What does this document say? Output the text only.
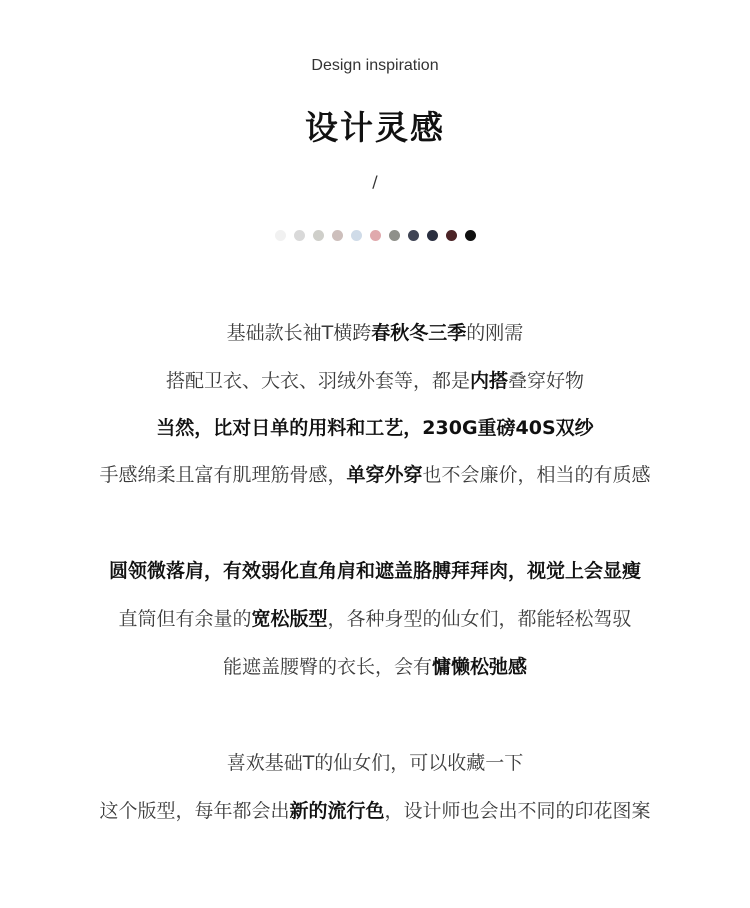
Design inspiration
设计灵感
/
基础款长袖T横跨春秋冬三季的刚需
搭配卫衣、大衣、羽绒外套等，都是内搭叠穿好物
当然，比对日单的用料和工艺，230G重磅40S双纱
手感绵柔且富有肌理筋骨感，单穿外穿也不会廉价，相当的有质感
圆领微落肩，有效弱化直角肩和遮盖胳膊拜拜肉，视觉上会显瘦
直筒但有余量的宽松版型，各种身型的仙女们，都能轻松驾驭
能遮盖腰臀的衣长，会有慵懒松弛感
喜欢基础T的仙女们，可以收藏一下
这个版型，每年都会出新的流行色，设计师也会出不同的印花图案
